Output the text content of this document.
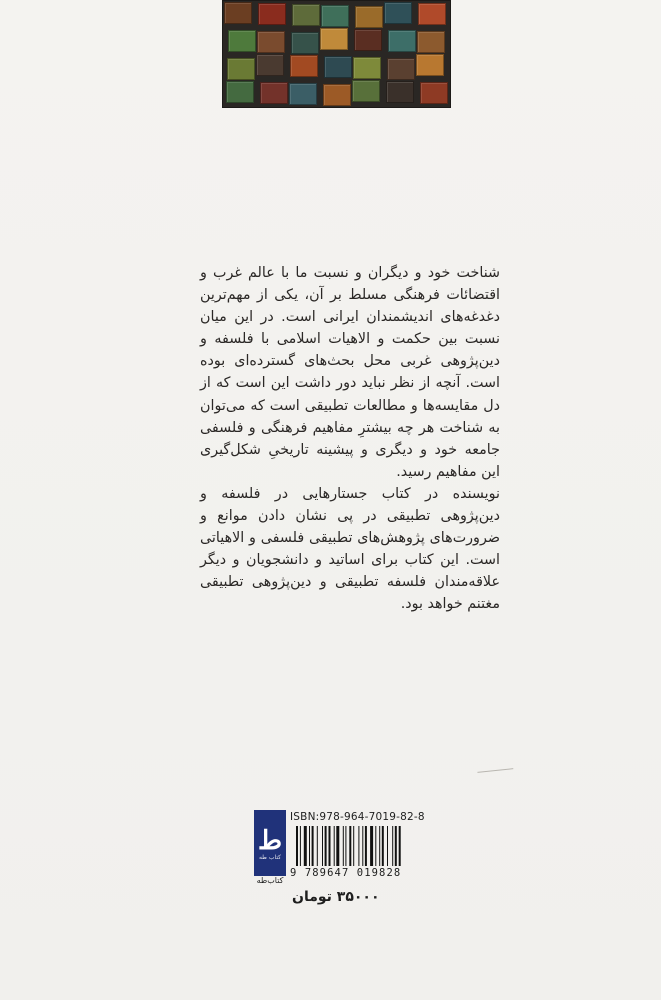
شناخت خود و دیگران و نسبت ما با عالم غرب و اقتضائات فرهنگی مسلط بر آن، یکی از مهم‌ترین دغدغه‌های اندیشمندان ایرانی است. در این میان نسبت بین حکمت و الاهیات اسلامی با فلسفه و دین‌پژوهی غربی محل بحث‌های گسترده‌ای بوده است. آنچه از نظر نباید دور داشت این است که از دل مقایسه‌ها و مطالعات تطبیقی است که می‌توان به شناخت هر چه بیشترِ مفاهیم فرهنگی و فلسفی جامعه خود و دیگری و پیشینه تاریخیِ شکل‌گیری این مفاهیم رسید.

نویسنده در کتاب جستارهایی در فلسفه و دین‌پژوهی تطبیقی در پی نشان دادن موانع و ضرورت‌های پژوهش‌های تطبیقی فلسفی و الاهیاتی است. این کتاب برای اساتید و دانشجویان و دیگر علاقه‌مندان فلسفه تطبیقی و دین‌پژوهی تطبیقی مغتنم خواهد بود.

ط
کتاب طه
کتاب‌طه
ISBN:978-964-7019-82-8
9 789647 019828
۳۵۰۰۰ تومان
